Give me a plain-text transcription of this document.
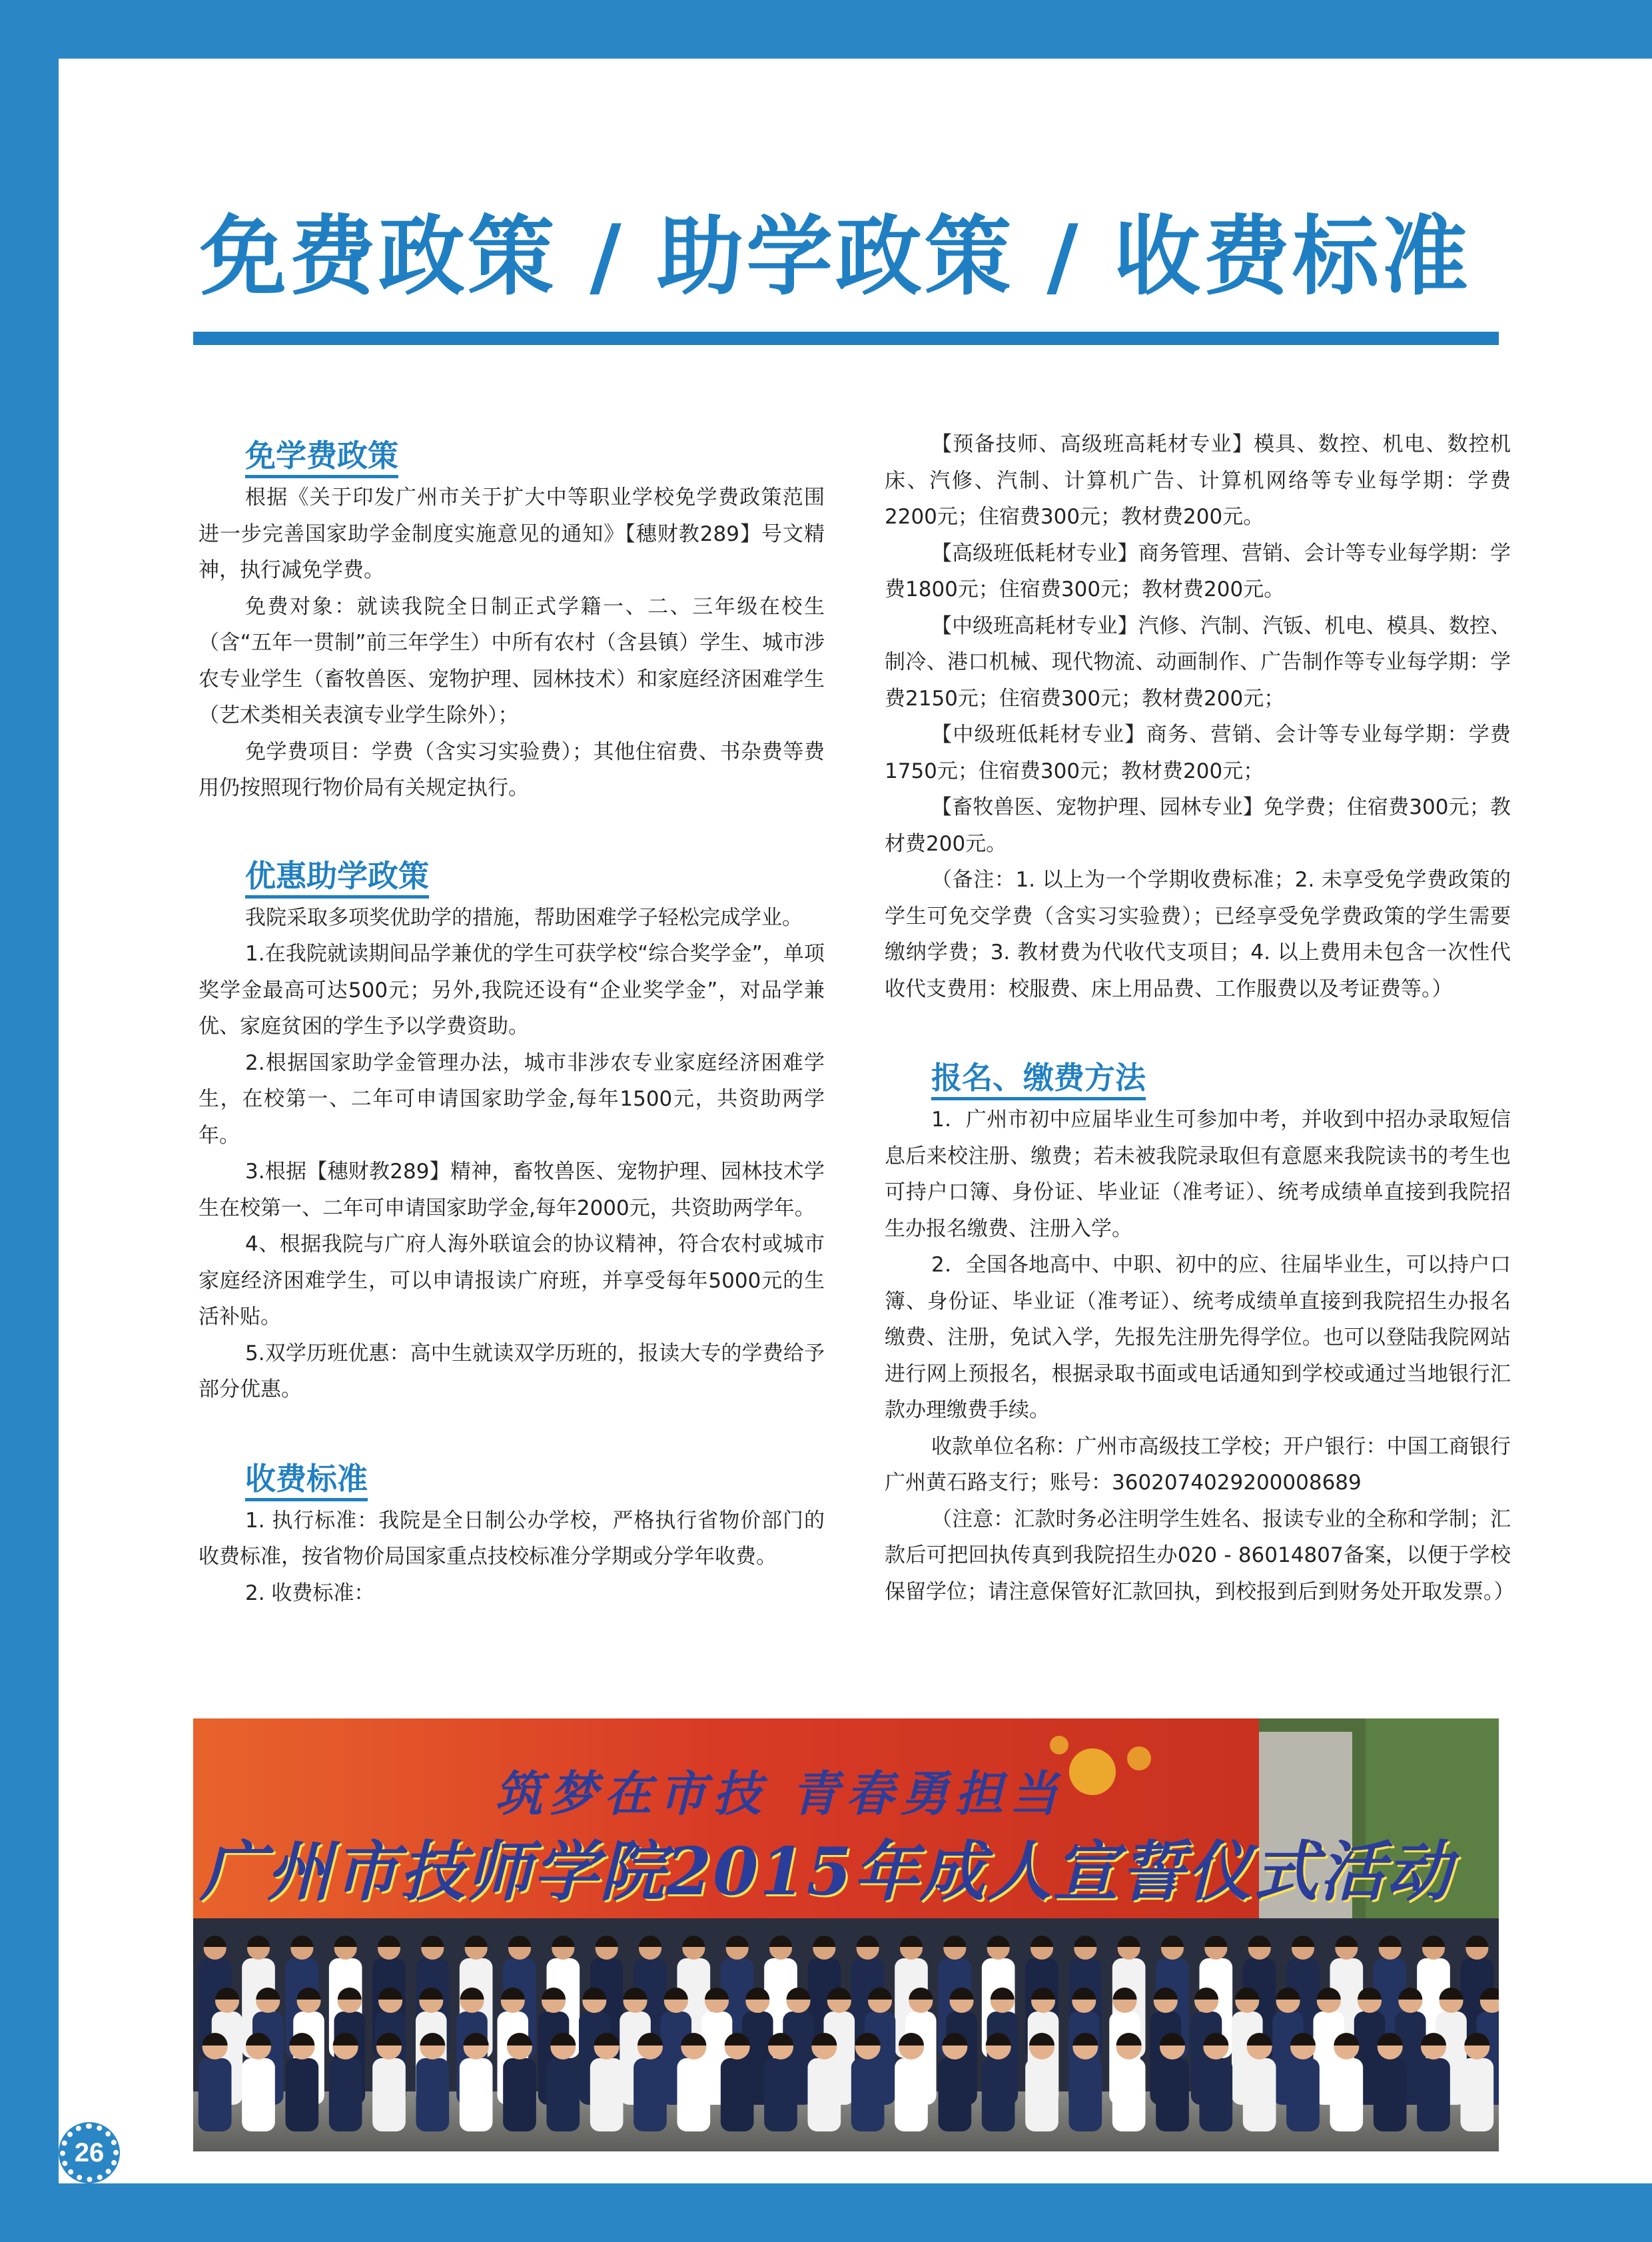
免费政策 / 助学政策 / 收费标准
免学费政策

根据《关于印发广州市关于扩大中等职业学校免学费政策范围 进一步完善国家助学金制度实施意见的通知》【穗财教289】号文精神，执行减免学费。

免费对象：就读我院全日制正式学籍一、二、三年级在校生（含“五年一贯制”前三年学生）中所有农村（含县镇）学生、城市涉农专业学生（畜牧兽医、宠物护理、园林技术）和家庭经济困难学生（艺术类相关表演专业学生除外）；

免学费项目：学费（含实习实验费）；其他住宿费、书杂费等费用仍按照现行物价局有关规定执行。

优惠助学政策

我院采取多项奖优助学的措施，帮助困难学子轻松完成学业。

1.在我院就读期间品学兼优的学生可获学校“综合奖学金”，单项奖学金最高可达500元；另外,我院还设有“企业奖学金”，对品学兼优、家庭贫困的学生予以学费资助。

2.根据国家助学金管理办法，城市非涉农专业家庭经济困难学生，在校第一、二年可申请国家助学金,每年1500元，共资助两学年。

3.根据【穗财教289】精神，畜牧兽医、宠物护理、园林技术学生在校第一、二年可申请国家助学金,每年2000元，共资助两学年。

4、根据我院与广府人海外联谊会的协议精神，符合农村或城市家庭经济困难学生，可以申请报读广府班，并享受每年5000元的生活补贴。

5.双学历班优惠：高中生就读双学历班的，报读大专的学费给予部分优惠。

收费标准

1. 执行标准：我院是全日制公办学校，严格执行省物价部门的收费标准，按省物价局国家重点技校标准分学期或分学年收费。

2. 收费标准：

【预备技师、高级班高耗材专业】模具、数控、机电、数控机床、汽修、汽制、计算机广告、计算机网络等专业每学期：学费2200元；住宿费300元；教材费200元。

【高级班低耗材专业】商务管理、营销、会计等专业每学期：学费1800元；住宿费300元；教材费200元。

【中级班高耗材专业】汽修、汽制、汽钣、机电、模具、数控、制冷、港口机械、现代物流、动画制作、广告制作等专业每学期：学费2150元；住宿费300元；教材费200元；

【中级班低耗材专业】商务、营销、会计等专业每学期：学费1750元；住宿费300元；教材费200元；

【畜牧兽医、宠物护理、园林专业】免学费；住宿费300元；教材费200元。

（备注：1. 以上为一个学期收费标准；2. 未享受免学费政策的学生可免交学费（含实习实验费）；已经享受免学费政策的学生需要缴纳学费；3. 教材费为代收代支项目；4. 以上费用未包含一次性代收代支费用：校服费、床上用品费、工作服费以及考证费等。）

报名、缴费方法

1．广州市初中应届毕业生可参加中考，并收到中招办录取短信息后来校注册、缴费；若未被我院录取但有意愿来我院读书的考生也可持户口簿、身份证、毕业证（准考证）、统考成绩单直接到我院招生办报名缴费、注册入学。

2．全国各地高中、中职、初中的应、往届毕业生，可以持户口簿、身份证、毕业证（准考证）、统考成绩单直接到我院招生办报名缴费、注册，免试入学，先报先注册先得学位。也可以登陆我院网站进行网上预报名，根据录取书面或电话通知到学校或通过当地银行汇款办理缴费手续。

收款单位名称：广州市高级技工学校；开户银行：中国工商银行广州黄石路支行；账号：3602074029200008689

（注意：汇款时务必注明学生姓名、报读专业的全称和学制；汇款后可把回执传真到我院招生办020 - 86014807备案，以便于学校保留学位；请注意保管好汇款回执，到校报到后到财务处开取发票。）

筑梦在市技 青春勇担当
广州市技师学院2015年成人宣誓仪式活动
26
